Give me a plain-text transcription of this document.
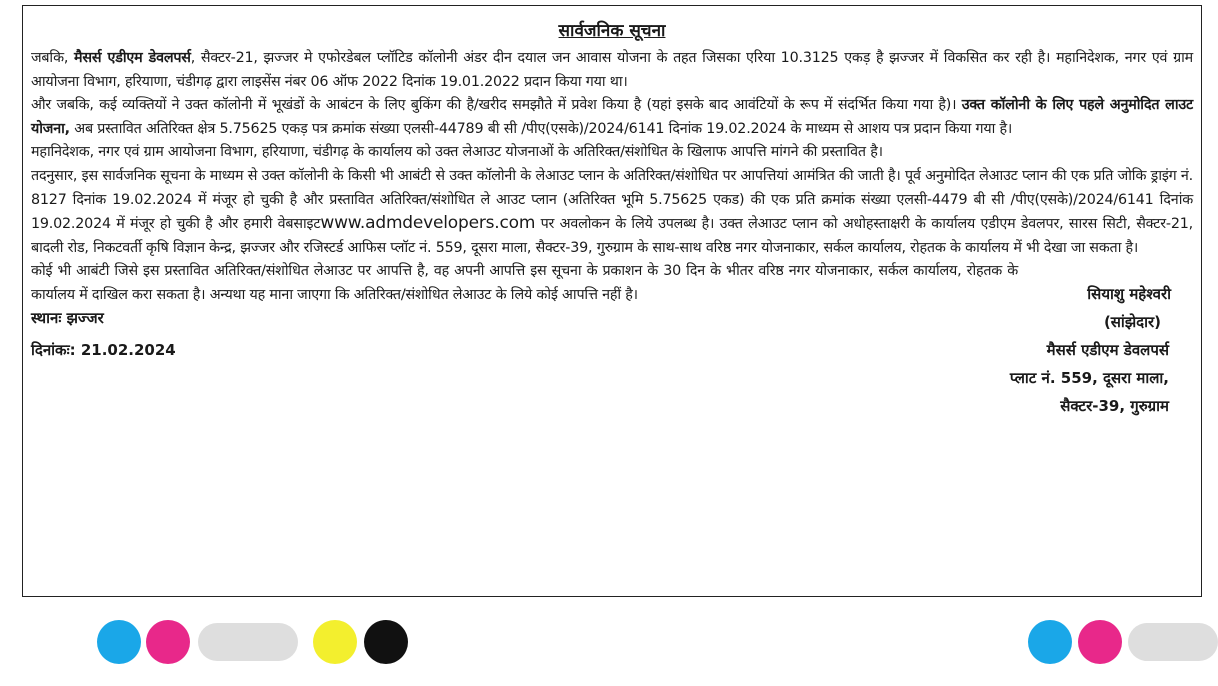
सार्वजनिक सूचना

जबकि, मैसर्स एडीएम डेवलपर्स, सैक्टर-21, झज्जर मे एफोरडेबल प्लॉटिड कॉलोनी अंडर दीन दयाल जन आवास योजना के तहत जिसका एरिया 10.3125 एकड़ है झज्जर में विकसित कर रही है। महानिदेशक, नगर एवं ग्राम आयोजना विभाग, हरियाणा, चंडीगढ़ द्वारा लाइसेंस नंबर 06 ऑफ 2022 दिनांक 19.01.2022 प्रदान किया गया था।

और जबकि, कई व्यक्तियों ने उक्त कॉलोनी में भूखंडों के आबंटन के लिए बुकिंग की है/खरीद समझौते में प्रवेश किया है (यहां इसके बाद आवंटियों के रूप में संदर्भित किया गया है)। उक्त कॉलोनी के लिए पहले अनुमोदित लाउट योजना, अब प्रस्तावित अतिरिक्त क्षेत्र 5.75625 एकड़ पत्र क्रमांक संख्या एलसी-44789 बी सी /पीए(एसके)/2024/6141 दिनांक 19.02.2024 के माध्यम से आशय पत्र प्रदान किया गया है।

महानिदेशक, नगर एवं ग्राम आयोजना विभाग, हरियाणा, चंडीगढ़ के कार्यालय को उक्त लेआउट योजनाओं के अतिरिक्त/संशोधित के खिलाफ आपत्ति मांगने की प्रस्तावित है।

तदनुसार, इस सार्वजनिक सूचना के माध्यम से उक्त कॉलोनी के किसी भी आबंटी से उक्त कॉलोनी के लेआउट प्लान के अतिरिक्त/संशोधित पर आपत्तियां आमंत्रित की जाती है। पूर्व अनुमोदित लेआउट प्लान की एक प्रति जोकि ड्राइंग नं. 8127 दिनांक 19.02.2024 में मंजूर हो चुकी है और प्रस्तावित अतिरिक्त/संशोधित ले आउट प्लान (अतिरिक्त भूमि 5.75625 एकड) की एक प्रति क्रमांक संख्या एलसी-4479 बी सी /पीए(एसके)/2024/6141 दिनांक 19.02.2024 में मंजूर हो चुकी है और हमारी वेबसाइटwww.admdevelopers.com पर अवलोकन के लिये उपलब्ध है। उक्त लेआउट प्लान को अधोहस्ताक्षरी के कार्यालय एडीएम डेवलपर, सारस सिटी, सैक्टर-21, बादली रोड, निकटवर्ती कृषि विज्ञान केन्द्र, झज्जर और रजिस्टर्ड आफिस प्लॉट नं. 559, दूसरा माला, सैक्टर-39, गुरुग्राम के साथ-साथ वरिष्ठ नगर योजनाकार, सर्कल कार्यालय, रोहतक के कार्यालय में भी देखा जा सकता है।

कोई भी आबंटी जिसे इस प्रस्तावित अतिरिक्त/संशोधित लेआउट पर आपत्ति है, वह अपनी आपत्ति इस सूचना के प्रकाशन के 30 दिन के भीतर वरिष्ठ नगर योजनाकार, सर्कल कार्यालय, रोहतक के कार्यालय में दाखिल करा सकता है। अन्यथा यह माना जाएगा कि अतिरिक्त/संशोधित लेआउट के लिये कोई आपत्ति नहीं है।	सियाशु महेश्वरी
स्थानः झज्जर
दिनांकः: 21.02.2024
(सांझेदार)
मैसर्स एडीएम डेवलपर्स
प्लाट नं. 559, दूसरा माला,
सैक्टर-39, गुरुग्राम
